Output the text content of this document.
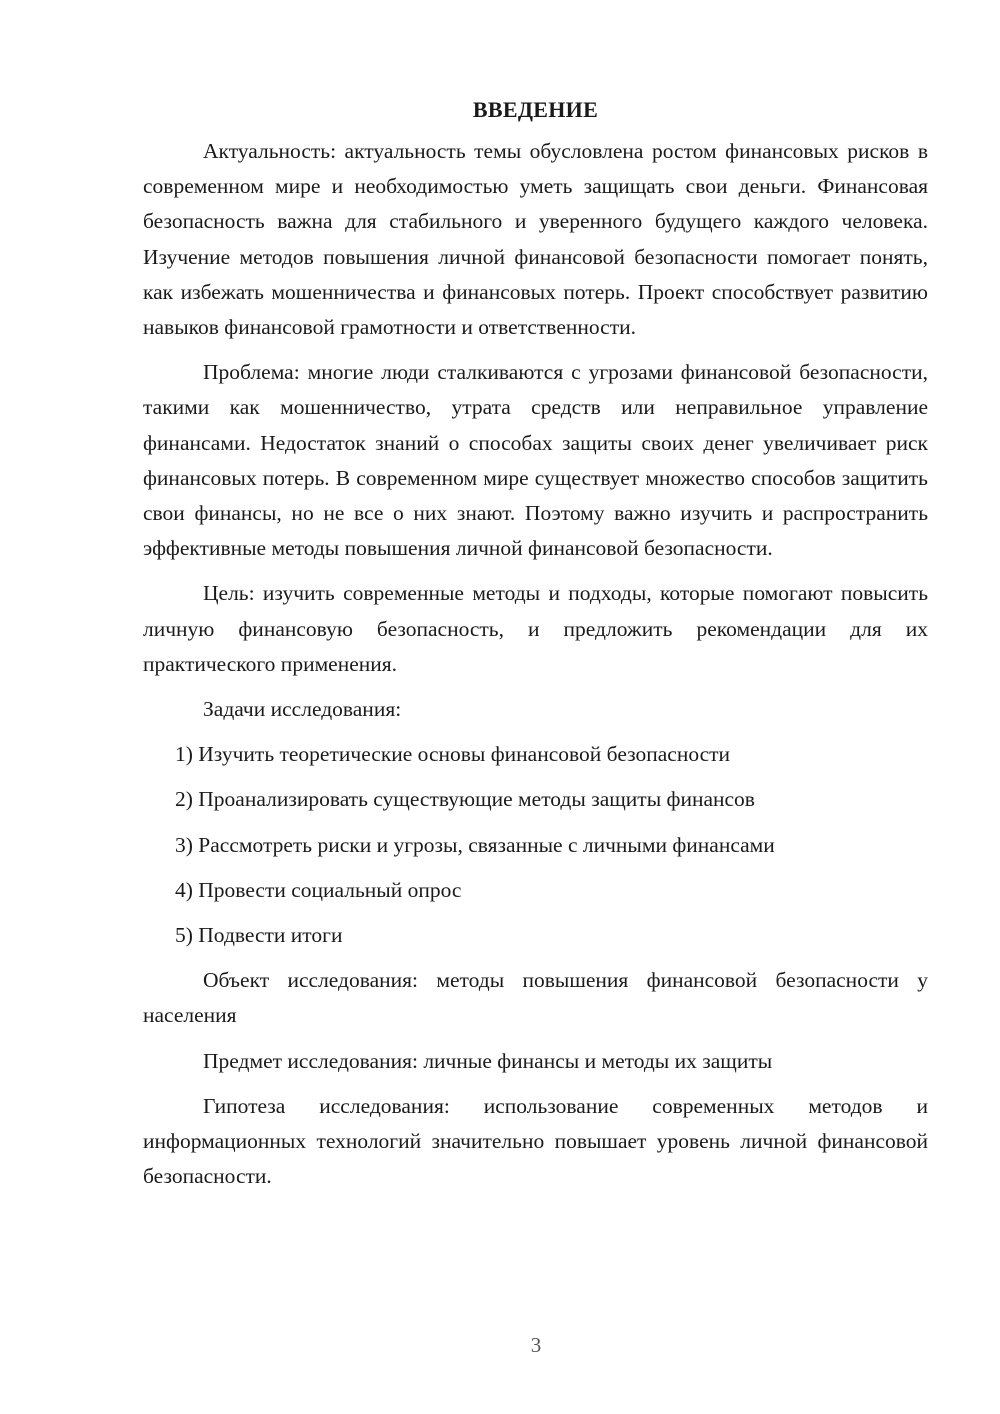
ВВЕДЕНИЕ

Актуальность: актуальность темы обусловлена ростом финансовых рисков в современном мире и необходимостью уметь защищать свои деньги. Финансовая безопасность важна для стабильного и уверенного будущего каждого человека. Изучение методов повышения личной финансовой безопасности помогает понять, как избежать мошенничества и финансовых потерь. Проект способствует развитию навыков финансовой грамотности и ответственности.

Проблема: многие люди сталкиваются с угрозами финансовой безопасности, такими как мошенничество, утрата средств или неправильное управление финансами. Недостаток знаний о способах защиты своих денег увеличивает риск финансовых потерь. В современном мире существует множество способов защитить свои финансы, но не все о них знают. Поэтому важно изучить и распространить эффективные методы повышения личной финансовой безопасности.

Цель: изучить современные методы и подходы, которые помогают повысить личную финансовую безопасность, и предложить рекомендации для их практического применения.

Задачи исследования:

1) Изучить теоретические основы финансовой безопасности
2) Проанализировать существующие методы защиты финансов
3) Рассмотреть риски и угрозы, связанные с личными финансами
4) Провести социальный опрос
5) Подвести итоги

Объект исследования: методы повышения финансовой безопасности у населения

Предмет исследования: личные финансы и методы их защиты

Гипотеза исследования: использование современных методов и информационных технологий значительно повышает уровень личной финансовой безопасности.

3
